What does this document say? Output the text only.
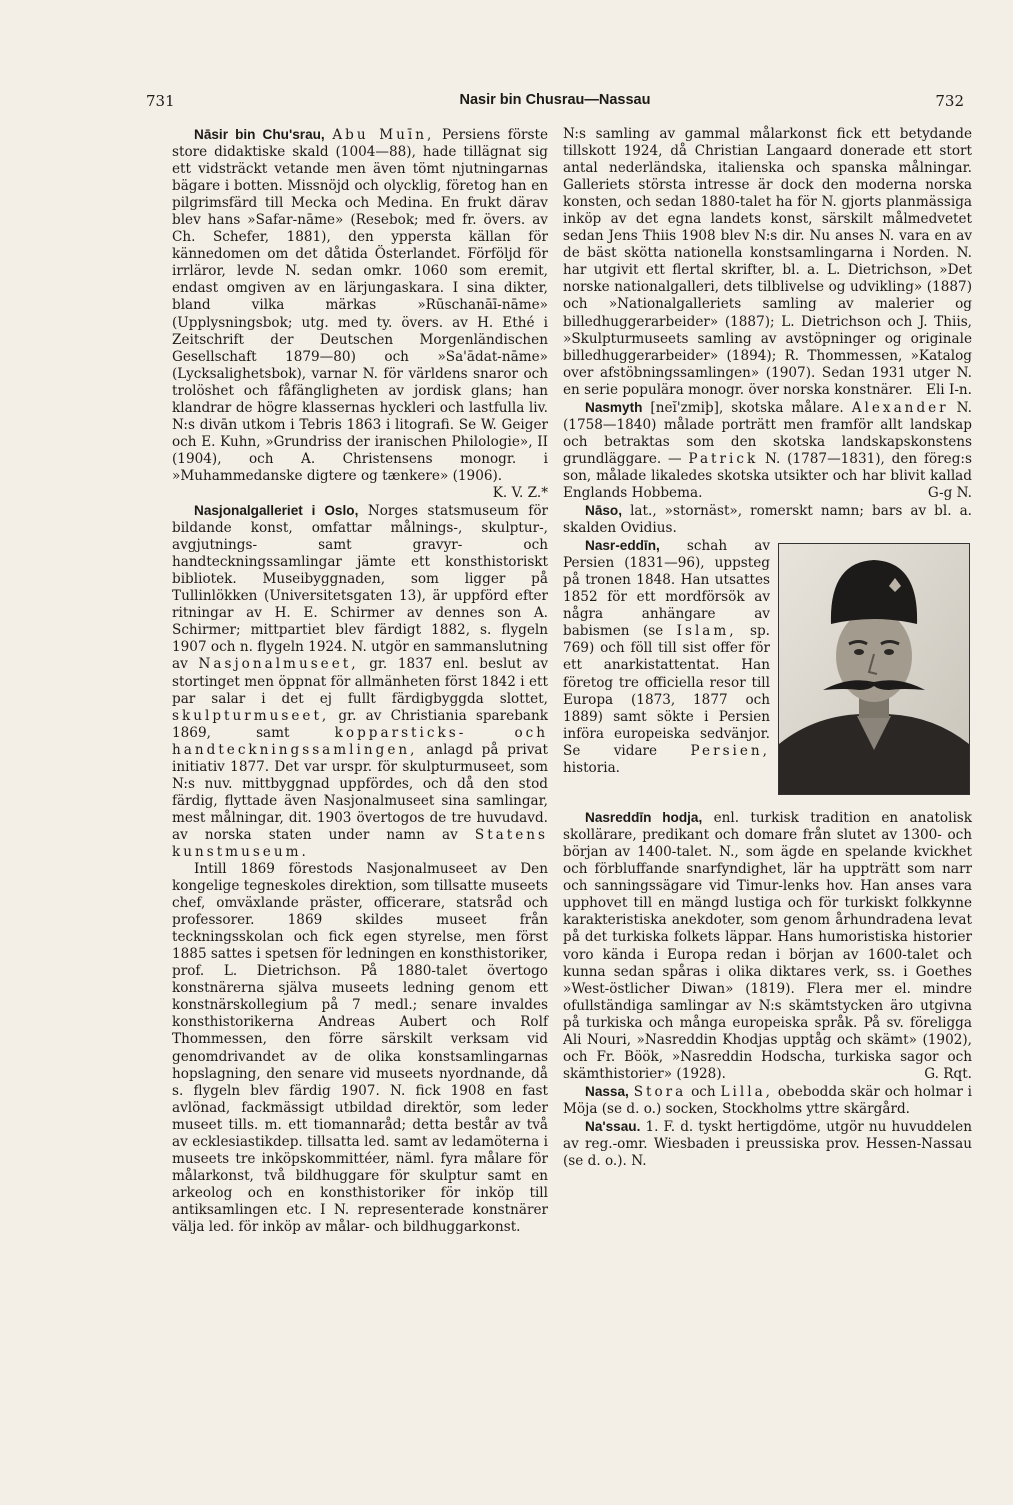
731	Nasir bin Chusrau—Nassau	732

Nāsir bin Chu'srau, Abu Muīn, Persiens förste store didaktiske skald (1004—88), hade tillägnat sig ett vidsträckt vetande men även tömt njutningarnas bägare i botten. Missnöjd och olycklig, företog han en pilgrimsfärd till Mecka och Medina. En frukt därav blev hans »Safar-nāme» (Resebok; med fr. övers. av Ch. Schefer, 1881), den yppersta källan för kännedomen om det dåtida Österlandet. Förföljd för irrläror, levde N. sedan omkr. 1060 som eremit, endast omgiven av en lärjungaskara. I sina dikter, bland vilka märkas »Rūschanāī-nāme» (Upplysningsbok; utg. med ty. övers. av H. Ethé i Zeitschrift der Deutschen Morgenländischen Gesellschaft 1879—80) och »Sa'ādat-nāme» (Lycksalighetsbok), varnar N. för världens snaror och trolöshet och fåfängligheten av jordisk glans; han klandrar de högre klassernas hyckleri och lastfulla liv. N:s divān utkom i Tebris 1863 i litografi. Se W. Geiger och E. Kuhn, »Grundriss der iranischen Philologie», II (1904), och A. Christensens monogr. i »Muhammedanske digtere og tænkere» (1906).
K. V. Z.*

Nasjonalgalleriet i Oslo, Norges statsmuseum för bildande konst, omfattar målnings-, skulptur-, avgjutnings- samt gravyr- och handteckningssamlingar jämte ett konsthistoriskt bibliotek. Museibyggnaden, som ligger på Tullinlökken (Universitetsgaten 13), är uppförd efter ritningar av H. E. Schirmer av dennes son A. Schirmer; mittpartiet blev färdigt 1882, s. flygeln 1907 och n. flygeln 1924. N. utgör en sammanslutning av Nasjonalmuseet, gr. 1837 enl. beslut av stortinget men öppnat för allmänheten först 1842 i ett par salar i det ej fullt färdigbyggda slottet, skulpturmuseet, gr. av Christiania sparebank 1869, samt	kopparsticks- och handteckningssamlingen, anlagd på privat initiativ 1877. Det var urspr. för skulpturmuseet, som N:s nuv. mittbyggnad uppfördes, och då den stod färdig, flyttade även Nasjonalmuseet sina samlingar, mest målningar, dit. 1903 övertogos de tre huvudavd. av norska staten under namn av Statens kunstmuseum.

Intill 1869 förestods Nasjonalmuseet av Den kongelige tegneskoles direktion, som tillsatte museets chef, omväxlande präster, officerare, statsråd och professorer. 1869 skildes museet från teckningsskolan och fick egen styrelse, men först 1885 sattes i spetsen för ledningen en konsthistoriker, prof. L. Dietrichson. På 1880-talet övertogo konstnärerna själva museets ledning genom ett konstnärskollegium på 7 medl.; senare invaldes konsthistorikerna Andreas Aubert och Rolf Thommessen, den förre särskilt verksam vid genomdrivandet av de olika konstsamlingarnas hopslagning, den senare vid museets nyordnande, då s. flygeln blev färdig 1907. N. fick 1908 en fast avlönad, fackmässigt utbildad direktör, som leder museet tills. m. ett tiomannaråd; detta består av två av ecklesiastikdep. tillsatta led. samt av ledamöterna i museets tre inköpskommittéer, näml. fyra målare för målarkonst, två bildhuggare för skulptur samt en arkeolog och en konsthistoriker för inköp till antiksamlingen etc. I N. representerade konstnärer välja led. för inköp av målar- och bildhuggarkonst.

N:s samling av gammal målarkonst fick ett betydande tillskott 1924, då Christian Langaard donerade ett stort antal nederländska, italienska och spanska målningar. Galleriets största intresse är dock den moderna norska konsten, och sedan 1880-talet ha för N. gjorts planmässiga inköp av det egna landets konst, särskilt målmedvetet sedan Jens Thiis 1908 blev N:s dir. Nu anses N. vara en av de bäst skötta nationella konstsamlingarna i Norden. N. har utgivit ett flertal skrifter, bl. a. L. Dietrichson, »Det norske nationalgalleri, dets tilblivelse og udvikling» (1887) och »Nationalgalleriets samling av malerier og billedhuggerarbeider» (1887); L. Dietrichson och J. Thiis, »Skulpturmuseets samling av avstöpninger og originale billedhuggerarbeider» (1894); R. Thommessen, »Katalog over afstöbningssamlingen» (1907). Sedan 1931 utger N. en serie populära monogr. över norska konstnärer. Eli I-n.

Nasmyth [neĭ'zmiþ], skotska målare. Alexander N. (1758—1840) målade porträtt men framför allt landskap och betraktas som den skotska landskapskonstens grundläggare. — Patrick N. (1787—1831), den föreg:s son, målade likaledes skotska utsikter och har blivit kallad Englands Hobbema.	G-g N.

Nāso, lat., »stornäst», romerskt namn; bars av bl. a. skalden Ovidius.

Nasr-eddīn, schah av Persien (1831—96), uppsteg på tronen 1848. Han utsattes 1852 för ett mordförsök av några anhängare av babismen (se Islam, sp. 769) och föll till sist offer för ett anarkistattentat. Han företog tre officiella resor till Europa (1873, 1877 och 1889) samt sökte i Persien införa europeiska sedvänjor. Se vidare Persien, historia.

Nasreddīn hodja, enl. turkisk tradition en anatolisk skollärare, predikant och domare från slutet av 1300- och början av 1400-talet. N., som ägde en spelande kvickhet och förbluffande snarfyndighet, lär ha uppträtt som narr och sanningssägare vid Timur-lenks hov. Han anses vara upphovet till en mängd lustiga och för turkiskt folkkynne karakteristiska anekdoter, som genom århundradena levat på det turkiska folkets läppar. Hans humoristiska historier voro kända i Europa redan i början av 1600-talet och kunna sedan spåras i olika diktares verk, ss. i Goethes »West-östlicher Diwan» (1819). Flera mer el. mindre ofullständiga samlingar av N:s skämtstycken äro utgivna på turkiska och många europeiska språk. På sv. föreligga Ali Nouri, »Nasreddin Khodjas upptåg och skämt» (1902), och Fr. Böök, »Nasreddin Hodscha, turkiska sagor och skämthistorier» (1928).	G. Rqt.

Nassa, Stora och Lilla, obebodda skär och holmar i Möja (se d. o.) socken, Stockholms yttre skärgård.

Na'ssau. 1. F. d. tyskt hertigdöme, utgör nu huvuddelen av reg.-omr. Wiesbaden i preussiska prov. Hessen-Nassau (se d. o.). N.
